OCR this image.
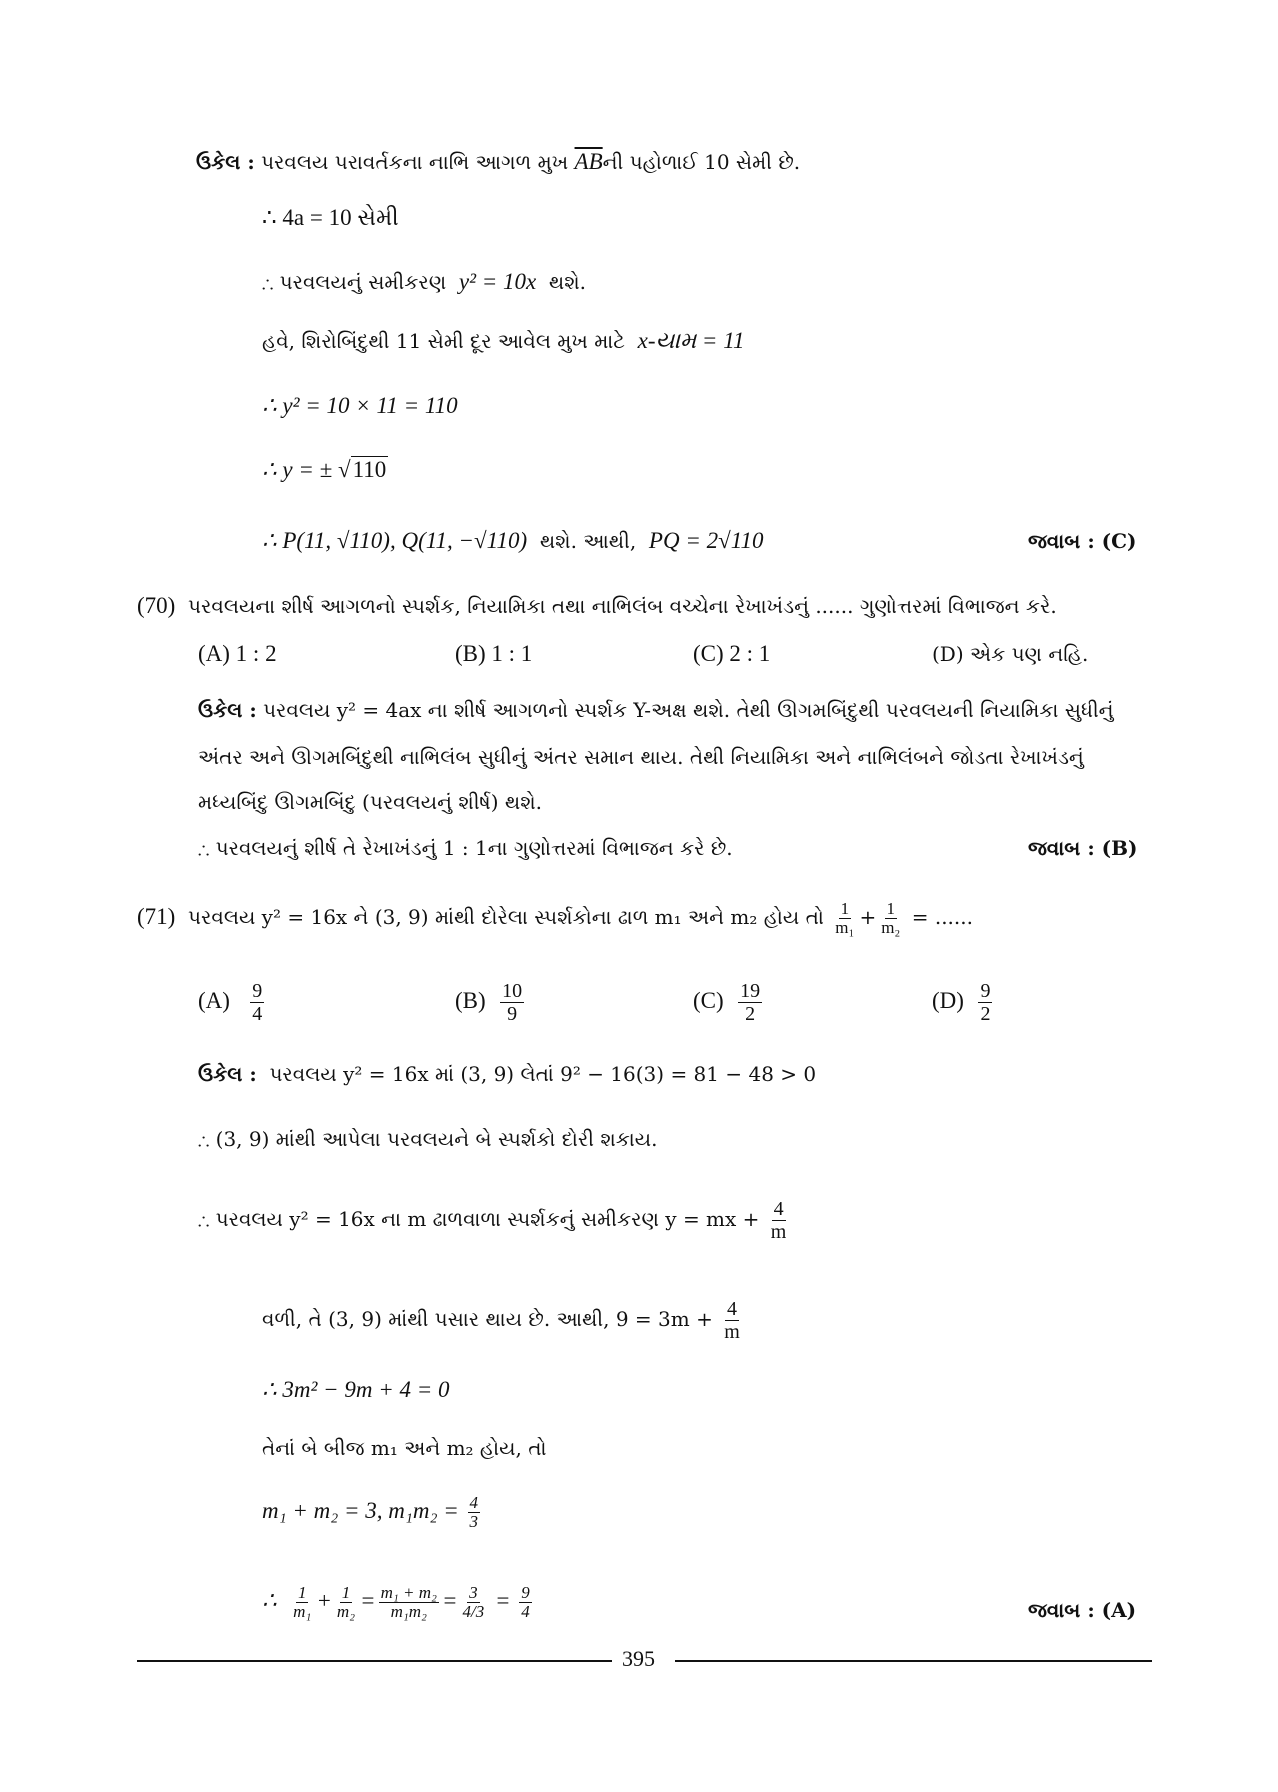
ઉકેલ : પરવલય પરાવર્તકના નાભિ આગળ મુખ $\overline{AB}ની$ પહોળાઈ 10 સેમી છે.
∴ 4a = 10 સેમી
∴ પરવલયનું સમીકરણ y² = 10x થશે.
હવે, શિરોબિંદુથી 11 સેમી દૂર આવેલ મુખ માટે x-યામ = 11
∴ y² = 10 × 11 = 110
∴ y = ± √110
∴ P(11, √110), Q(11, −√110) થશે. આથી, PQ = 2√110	જવાબ : (C)
(70) પરવલયના શીર્ષ આગળનો સ્પર્શક, નિયામિકા તથા નાભિલંબ વચ્ચેના રેખાખંડનું ...... ગુણોત્તરમાં વિભાજન કરે.
(A) 1 : 2	(B) 1 : 1	(C) 2 : 1	(D) એક પણ નહિ.
ઉકેલ : પરવલય y² = 4ax ના શીર્ષ આગળનો સ્પર્શક Y-અક્ષ થશે. તેથી ઊગમબિંદુથી પરવલયની નિયામિકા સુધીનું
અંતર અને ઊગમબિંદુથી નાભિલંબ સુધીનું અંતર સમાન થાય. તેથી નિયામિકા અને નાભિલંબને જોડતા રેખાખંડનું
મધ્યબિંદુ ઊગમબિંદુ (પરવલયનું શીર્ષ) થશે.
∴ પરવલયનું શીર્ષ તે રેખાખંડનું 1 : 1ના ગુણોત્તરમાં વિભાજન કરે છે.	જવાબ : (B)
(71) પરવલય y² = 16x ને (3, 9) માંથી દોરેલા સ્પર્શકોના ઢાળ m₁ અને m₂ હોય તો $\frac{1}{\text{m₁}} + \frac{1}{\text{m₂}}$ = ......
$(A) \frac{9}{4}$	$(B) \frac{10}{9}$	$(C) \frac{19}{2}$	$(D) \frac{9}{2}$
ઉકેલ : પરવલય y² = 16x માં (3, 9) લેતાં 9² − 16(3) = 81 − 48 > 0
∴ (3, 9) માંથી આપેલા પરવલયને બે સ્પર્શકો દોરી શકાય.
∴ પરવલય y² = 16x ના m ઢાળવાળા સ્પર્શકનું સમીકરણ y = mx + $\frac{4}{m}$
વળી, તે (3, 9) માંથી પસાર થાય છે. આથી, $9 = 3m + \frac{4}{m}$
∴ 3m² − 9m + 4 = 0
તેનાં બે બીજ m₁ અને m₂ હોય, તો
m₁ + m₂ = 3, $m_1m_2 = \frac{4}{3}$
∴ $\frac{1}{\text{m₁}} + \frac{1}{\text{m₂}} = \frac{\text{m₁ + m₂}}{\text{m₁m₂}} = \frac{3}{4/3} = \frac{9}{4}$	જવાબ : (A)
395
